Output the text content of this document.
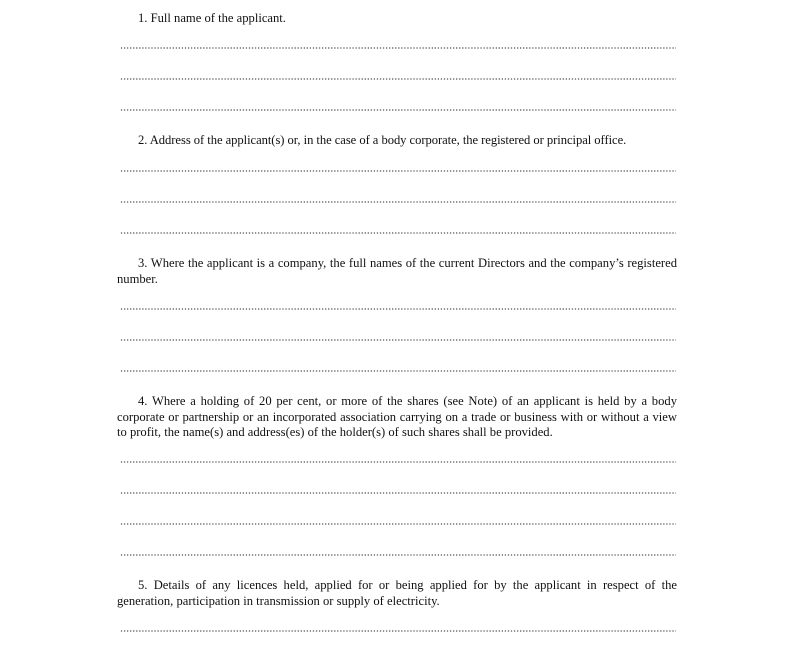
1. Full name of the applicant.
2. Address of the applicant(s) or, in the case of a body corporate, the registered or principal office.
3. Where the applicant is a company, the full names of the current Directors and the company’s registered number.
4. Where a holding of 20 per cent, or more of the shares (see Note) of an applicant is held by a body corporate or partnership or an incorporated association carrying on a trade or business with or without a view to profit, the name(s) and address(es) of the holder(s) of such shares shall be provided.
5. Details of any licences held, applied for or being applied for by the applicant in respect of the generation, participation in transmission or supply of electricity.
